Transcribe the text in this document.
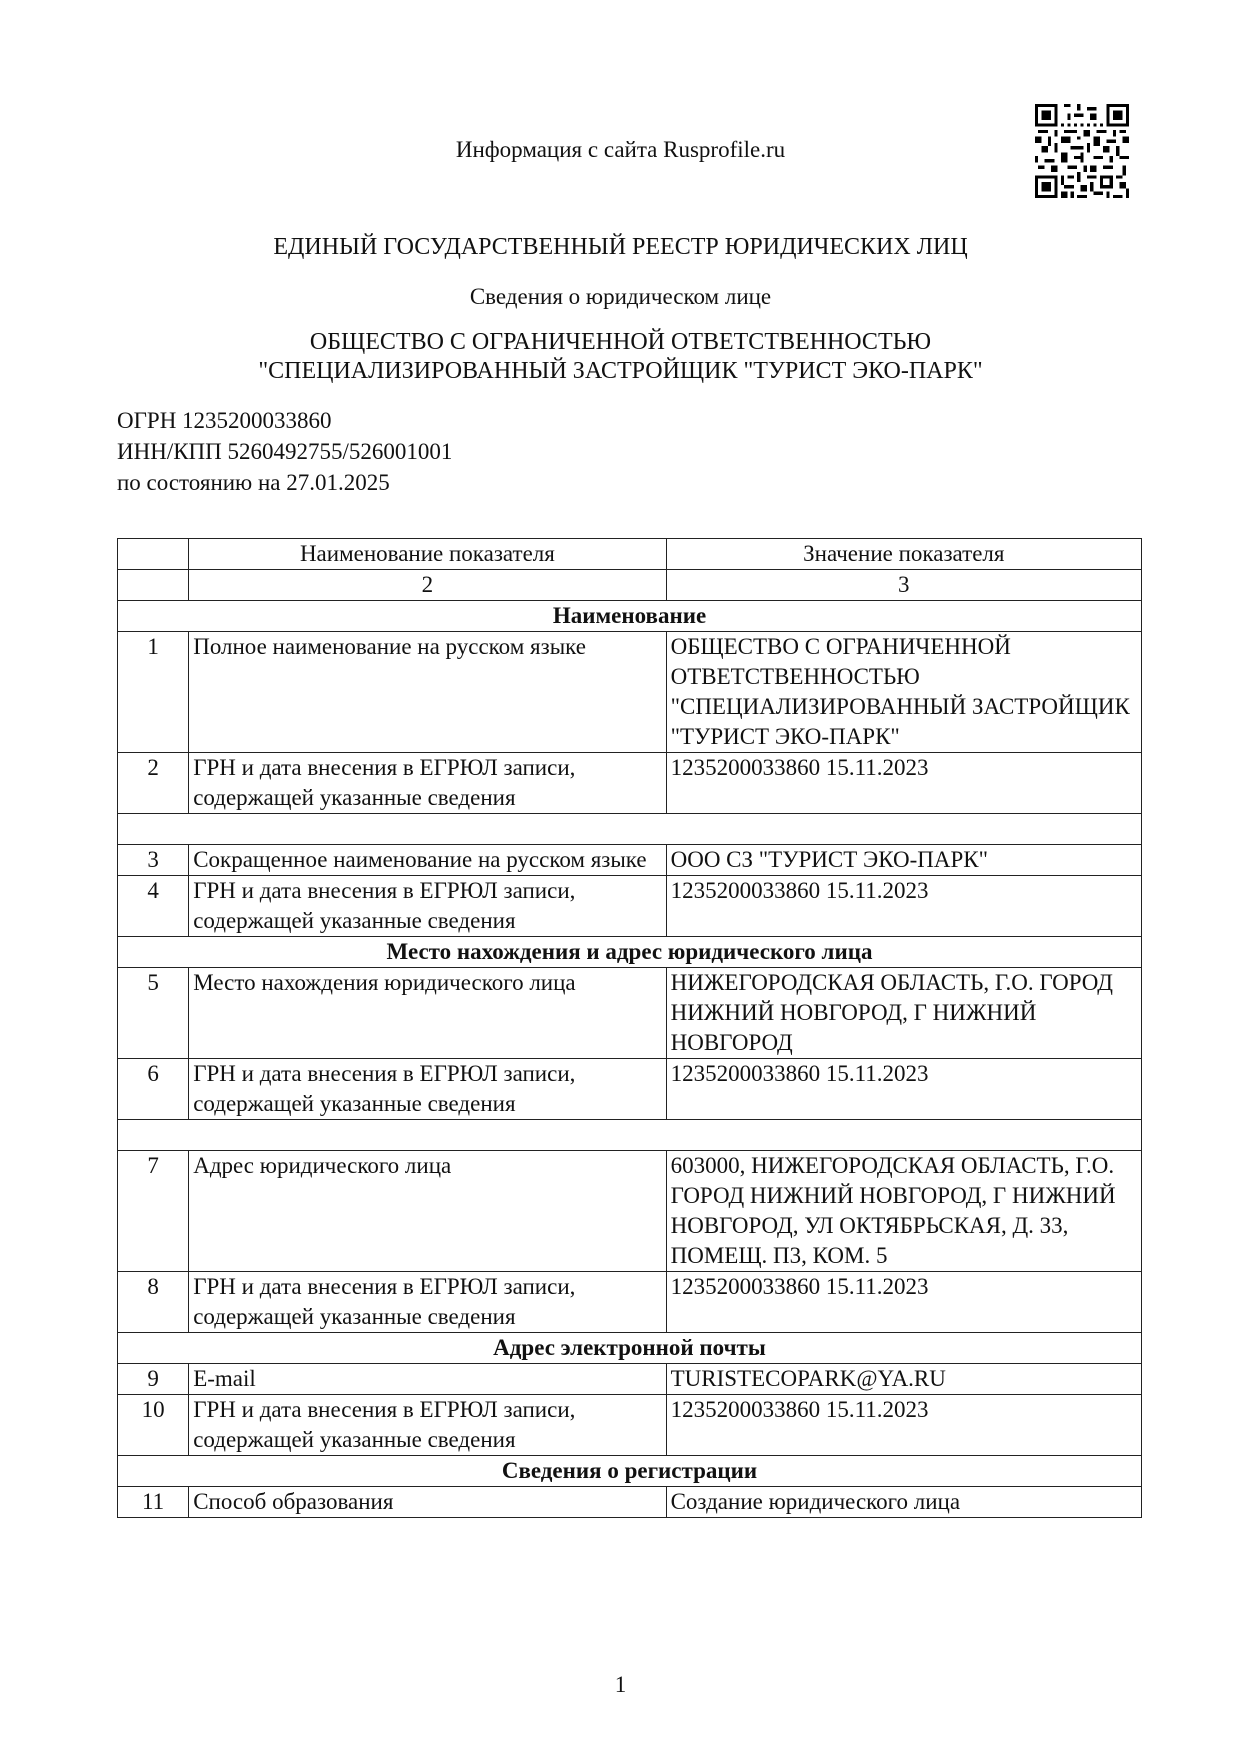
Информация с сайта Rusprofile.ru
ЕДИНЫЙ ГОСУДАРСТВЕННЫЙ РЕЕСТР ЮРИДИЧЕСКИХ ЛИЦ
Сведения о юридическом лице
ОБЩЕСТВО С ОГРАНИЧЕННОЙ ОТВЕТСТВЕННОСТЬЮ
"СПЕЦИАЛИЗИРОВАННЫЙ ЗАСТРОЙЩИК "ТУРИСТ ЭКО-ПАРК"
ОГРН 1235200033860
ИНН/КПП 5260492755/526001001
по состоянию на 27.01.2025
	Наименование показателя	Значение показателя
	2	3
Наименование		
1	Полное наименование на русском языке	ОБЩЕСТВО С ОГРАНИЧЕННОЙ ОТВЕТСТВЕННОСТЬЮ "СПЕЦИАЛИЗИРОВАННЫЙ ЗАСТРОЙЩИК "ТУРИСТ ЭКО-ПАРК"
2	ГРН и дата внесения в ЕГРЮЛ записи, содержащей указанные сведения	1235200033860 15.11.2023

3	Сокращенное наименование на русском языке	ООО СЗ "ТУРИСТ ЭКО-ПАРК"
4	ГРН и дата внесения в ЕГРЮЛ записи, содержащей указанные сведения	1235200033860 15.11.2023
Место нахождения и адрес юридического лица		
5	Место нахождения юридического лица	НИЖЕГОРОДСКАЯ ОБЛАСТЬ, Г.О. ГОРОД НИЖНИЙ НОВГОРОД, Г НИЖНИЙ НОВГОРОД
6	ГРН и дата внесения в ЕГРЮЛ записи, содержащей указанные сведения	1235200033860 15.11.2023

7	Адрес юридического лица	603000, НИЖЕГОРОДСКАЯ ОБЛАСТЬ, Г.О. ГОРОД НИЖНИЙ НОВГОРОД, Г НИЖНИЙ НОВГОРОД, УЛ ОКТЯБРЬСКАЯ, Д. 33, ПОМЕЩ. П3, КОМ. 5
8	ГРН и дата внесения в ЕГРЮЛ записи, содержащей указанные сведения	1235200033860 15.11.2023
Адрес электронной почты		
9	E-mail	TURISTECOPARK@YA.RU
10	ГРН и дата внесения в ЕГРЮЛ записи, содержащей указанные сведения	1235200033860 15.11.2023
Сведения о регистрации		
11	Способ образования	Создание юридического лица
1
